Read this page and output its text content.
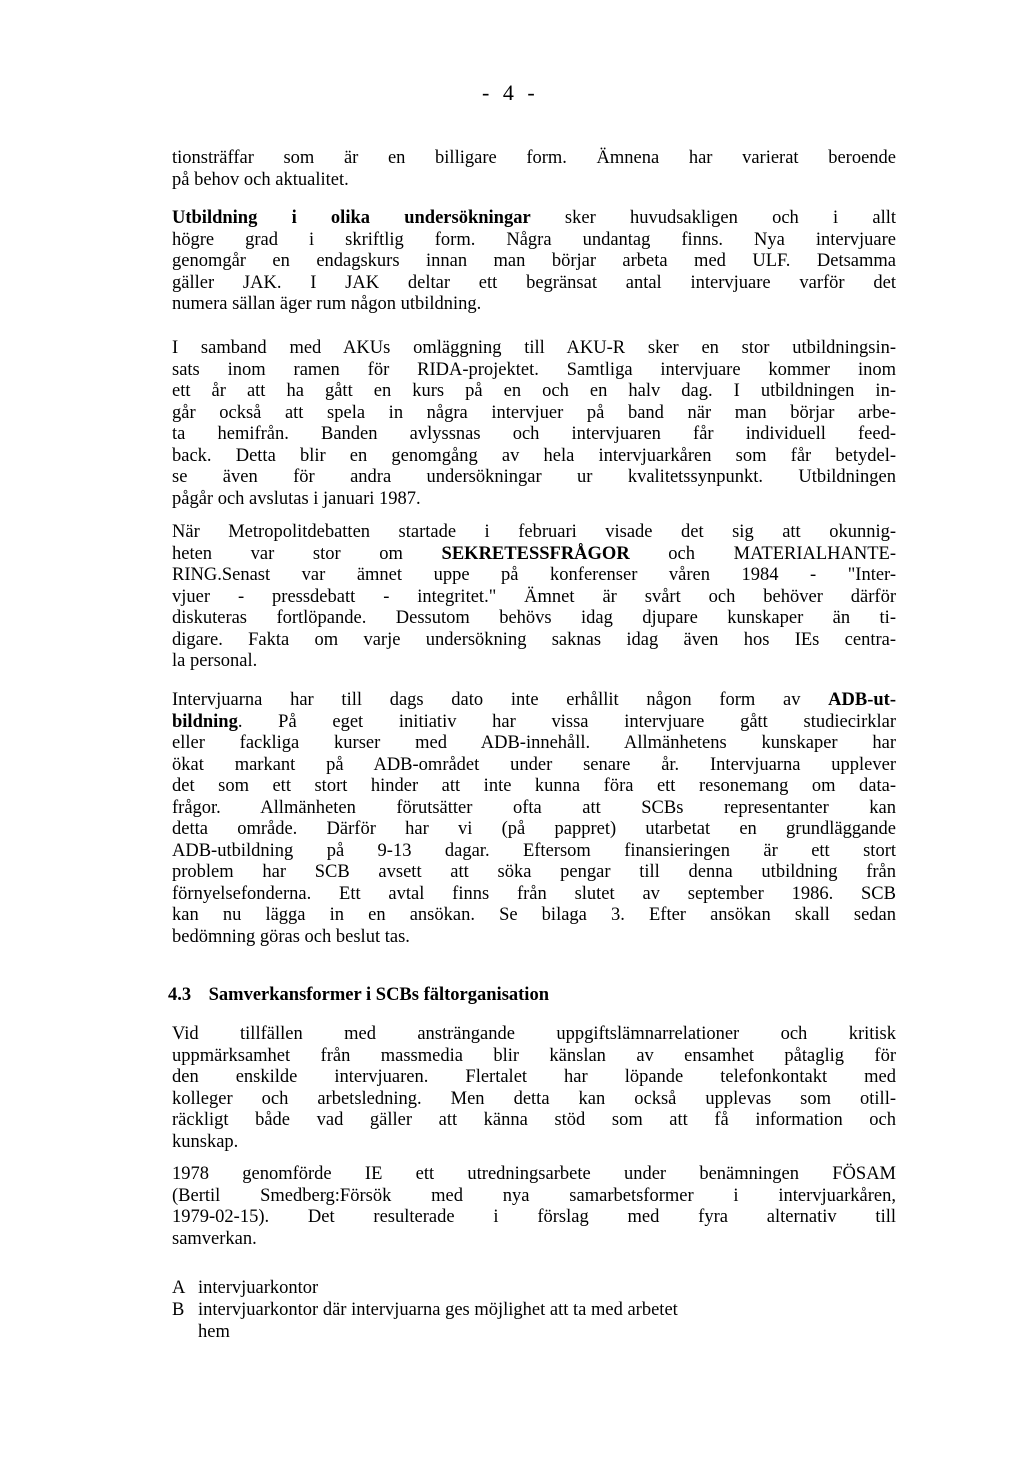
- 4 -
tionsträffar som är en billigare form. Ämnena har varierat beroende
på behov och aktualitet.
Utbildning i olika undersökningar sker huvudsakligen och i allt
högre grad i skriftlig form. Några undantag finns. Nya intervjuare
genomgår en endagskurs innan man börjar arbeta med ULF. Detsamma
gäller JAK. I JAK deltar ett begränsat antal intervjuare varför det
numera sällan äger rum någon utbildning.
I samband med AKUs omläggning till AKU-R sker en stor utbildningsin-
sats inom ramen för RIDA-projektet. Samtliga intervjuare kommer inom
ett år att ha gått en kurs på en och en halv dag. I utbildningen in-
går också att spela in några intervjuer på band när man börjar arbe-
ta hemifrån. Banden avlyssnas och intervjuaren får individuell feed-
back. Detta blir en genomgång av hela intervjuarkåren som får betydel-
se även för andra undersökningar ur kvalitetssynpunkt. Utbildningen
pågår och avslutas i januari 1987.
När Metropolitdebatten startade i februari visade det sig att okunnig-
heten var stor om SEKRETESSFRÅGOR och MATERIALHANTE-
RING.Senast var ämnet uppe på konferenser våren 1984 - "Inter-
vjuer - pressdebatt - integritet." Ämnet är svårt och behöver därför
diskuteras fortlöpande. Dessutom behövs idag djupare kunskaper än ti-
digare. Fakta om varje undersökning saknas idag även hos IEs centra-
la personal.
Intervjuarna har till dags dato inte erhållit någon form av ADB-ut-
bildning. På eget initiativ har vissa intervjuare gått studiecirklar
eller fackliga kurser med ADB-innehåll. Allmänhetens kunskaper har
ökat markant på ADB-området under senare år. Intervjuarna upplever
det som ett stort hinder att inte kunna föra ett resonemang om data-
frågor. Allmänheten förutsätter ofta att SCBs representanter kan
detta område. Därför har vi (på pappret) utarbetat en grundläggande
ADB-utbildning på 9-13 dagar. Eftersom finansieringen är ett stort
problem har SCB avsett att söka pengar till denna utbildning från
förnyelsefonderna. Ett avtal finns från slutet av september 1986. SCB
kan nu lägga in en ansökan. Se bilaga 3. Efter ansökan skall sedan
bedömning göras och beslut tas.
4.3 Samverkansformer i SCBs fältorganisation
Vid tillfällen med ansträngande uppgiftslämnarrelationer och kritisk
uppmärksamhet från massmedia blir känslan av ensamhet påtaglig för
den enskilde intervjuaren. Flertalet har löpande telefonkontakt med
kolleger och arbetsledning. Men detta kan också upplevas som otill-
räckligt både vad gäller att känna stöd som att få information och
kunskap.
1978 genomförde IE ett utredningsarbete under benämningen FÖSAM
(Bertil Smedberg:Försök med nya samarbetsformer i intervjuarkåren,
1979-02-15). Det resulterade i förslag med fyra alternativ till
samverkan.
A intervjuarkontor
B intervjuarkontor där intervjuarna ges möjlighet att ta med arbetet
hem
